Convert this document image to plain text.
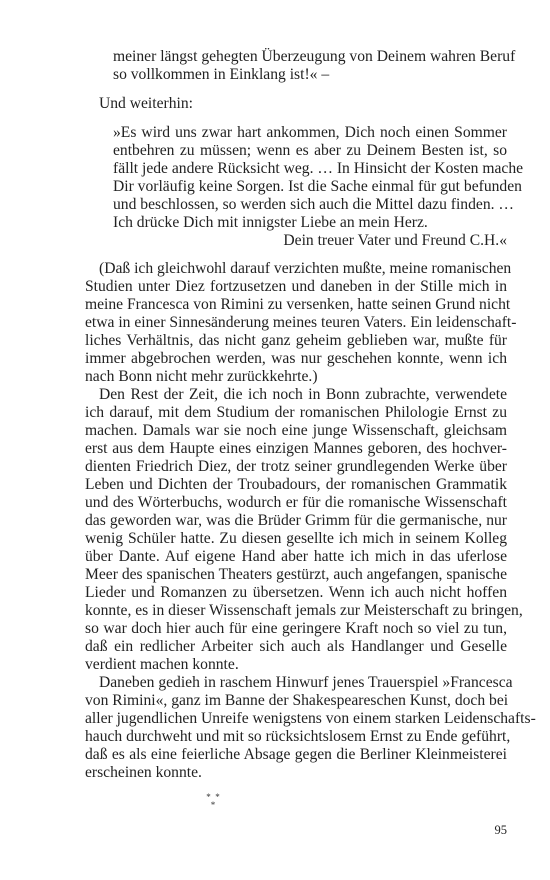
meiner längst gehegten Überzeugung von Deinem wahren Beruf
so vollkommen in Einklang ist!« –
Und weiterhin:
»Es wird uns zwar hart ankommen, Dich noch einen Sommer
entbehren zu müssen; wenn es aber zu Deinem Besten ist, so
fällt jede andere Rücksicht weg. … In Hinsicht der Kosten mache
Dir vorläufig keine Sorgen. Ist die Sache einmal für gut befunden
und beschlossen, so werden sich auch die Mittel dazu finden. …
Ich drücke Dich mit innigster Liebe an mein Herz.
Dein treuer Vater und Freund C.H.«
(Daß ich gleichwohl darauf verzichten mußte, meine romanischen
Studien unter Diez fortzusetzen und daneben in der Stille mich in
meine Francesca von Rimini zu versenken, hatte seinen Grund nicht
etwa in einer Sinnesänderung meines teuren Vaters. Ein leidenschaft-
liches Verhältnis, das nicht ganz geheim geblieben war, mußte für
immer abgebrochen werden, was nur geschehen konnte, wenn ich
nach Bonn nicht mehr zurückkehrte.)
Den Rest der Zeit, die ich noch in Bonn zubrachte, verwendete
ich darauf, mit dem Studium der romanischen Philologie Ernst zu
machen. Damals war sie noch eine junge Wissenschaft, gleichsam
erst aus dem Haupte eines einzigen Mannes geboren, des hochver-
dienten Friedrich Diez, der trotz seiner grundlegenden Werke über
Leben und Dichten der Troubadours, der romanischen Grammatik
und des Wörterbuchs, wodurch er für die romanische Wissenschaft
das geworden war, was die Brüder Grimm für die germanische, nur
wenig Schüler hatte. Zu diesen gesellte ich mich in seinem Kolleg
über Dante. Auf eigene Hand aber hatte ich mich in das uferlose
Meer des spanischen Theaters gestürzt, auch angefangen, spanische
Lieder und Romanzen zu übersetzen. Wenn ich auch nicht hoffen
konnte, es in dieser Wissenschaft jemals zur Meisterschaft zu bringen,
so war doch hier auch für eine geringere Kraft noch so viel zu tun,
daß ein redlicher Arbeiter sich auch als Handlanger und Geselle
verdient machen konnte.
Daneben gedieh in raschem Hinwurf jenes Trauerspiel »Francesca
von Rimini«, ganz im Banne der Shakespeareschen Kunst, doch bei
aller jugendlichen Unreife wenigstens von einem starken Leidenschafts-
hauch durchweht und mit so rücksichtslosem Ernst zu Ende geführt,
daß es als eine feierliche Absage gegen die Berliner Kleinmeisterei
erscheinen konnte.
*  *
*
95
